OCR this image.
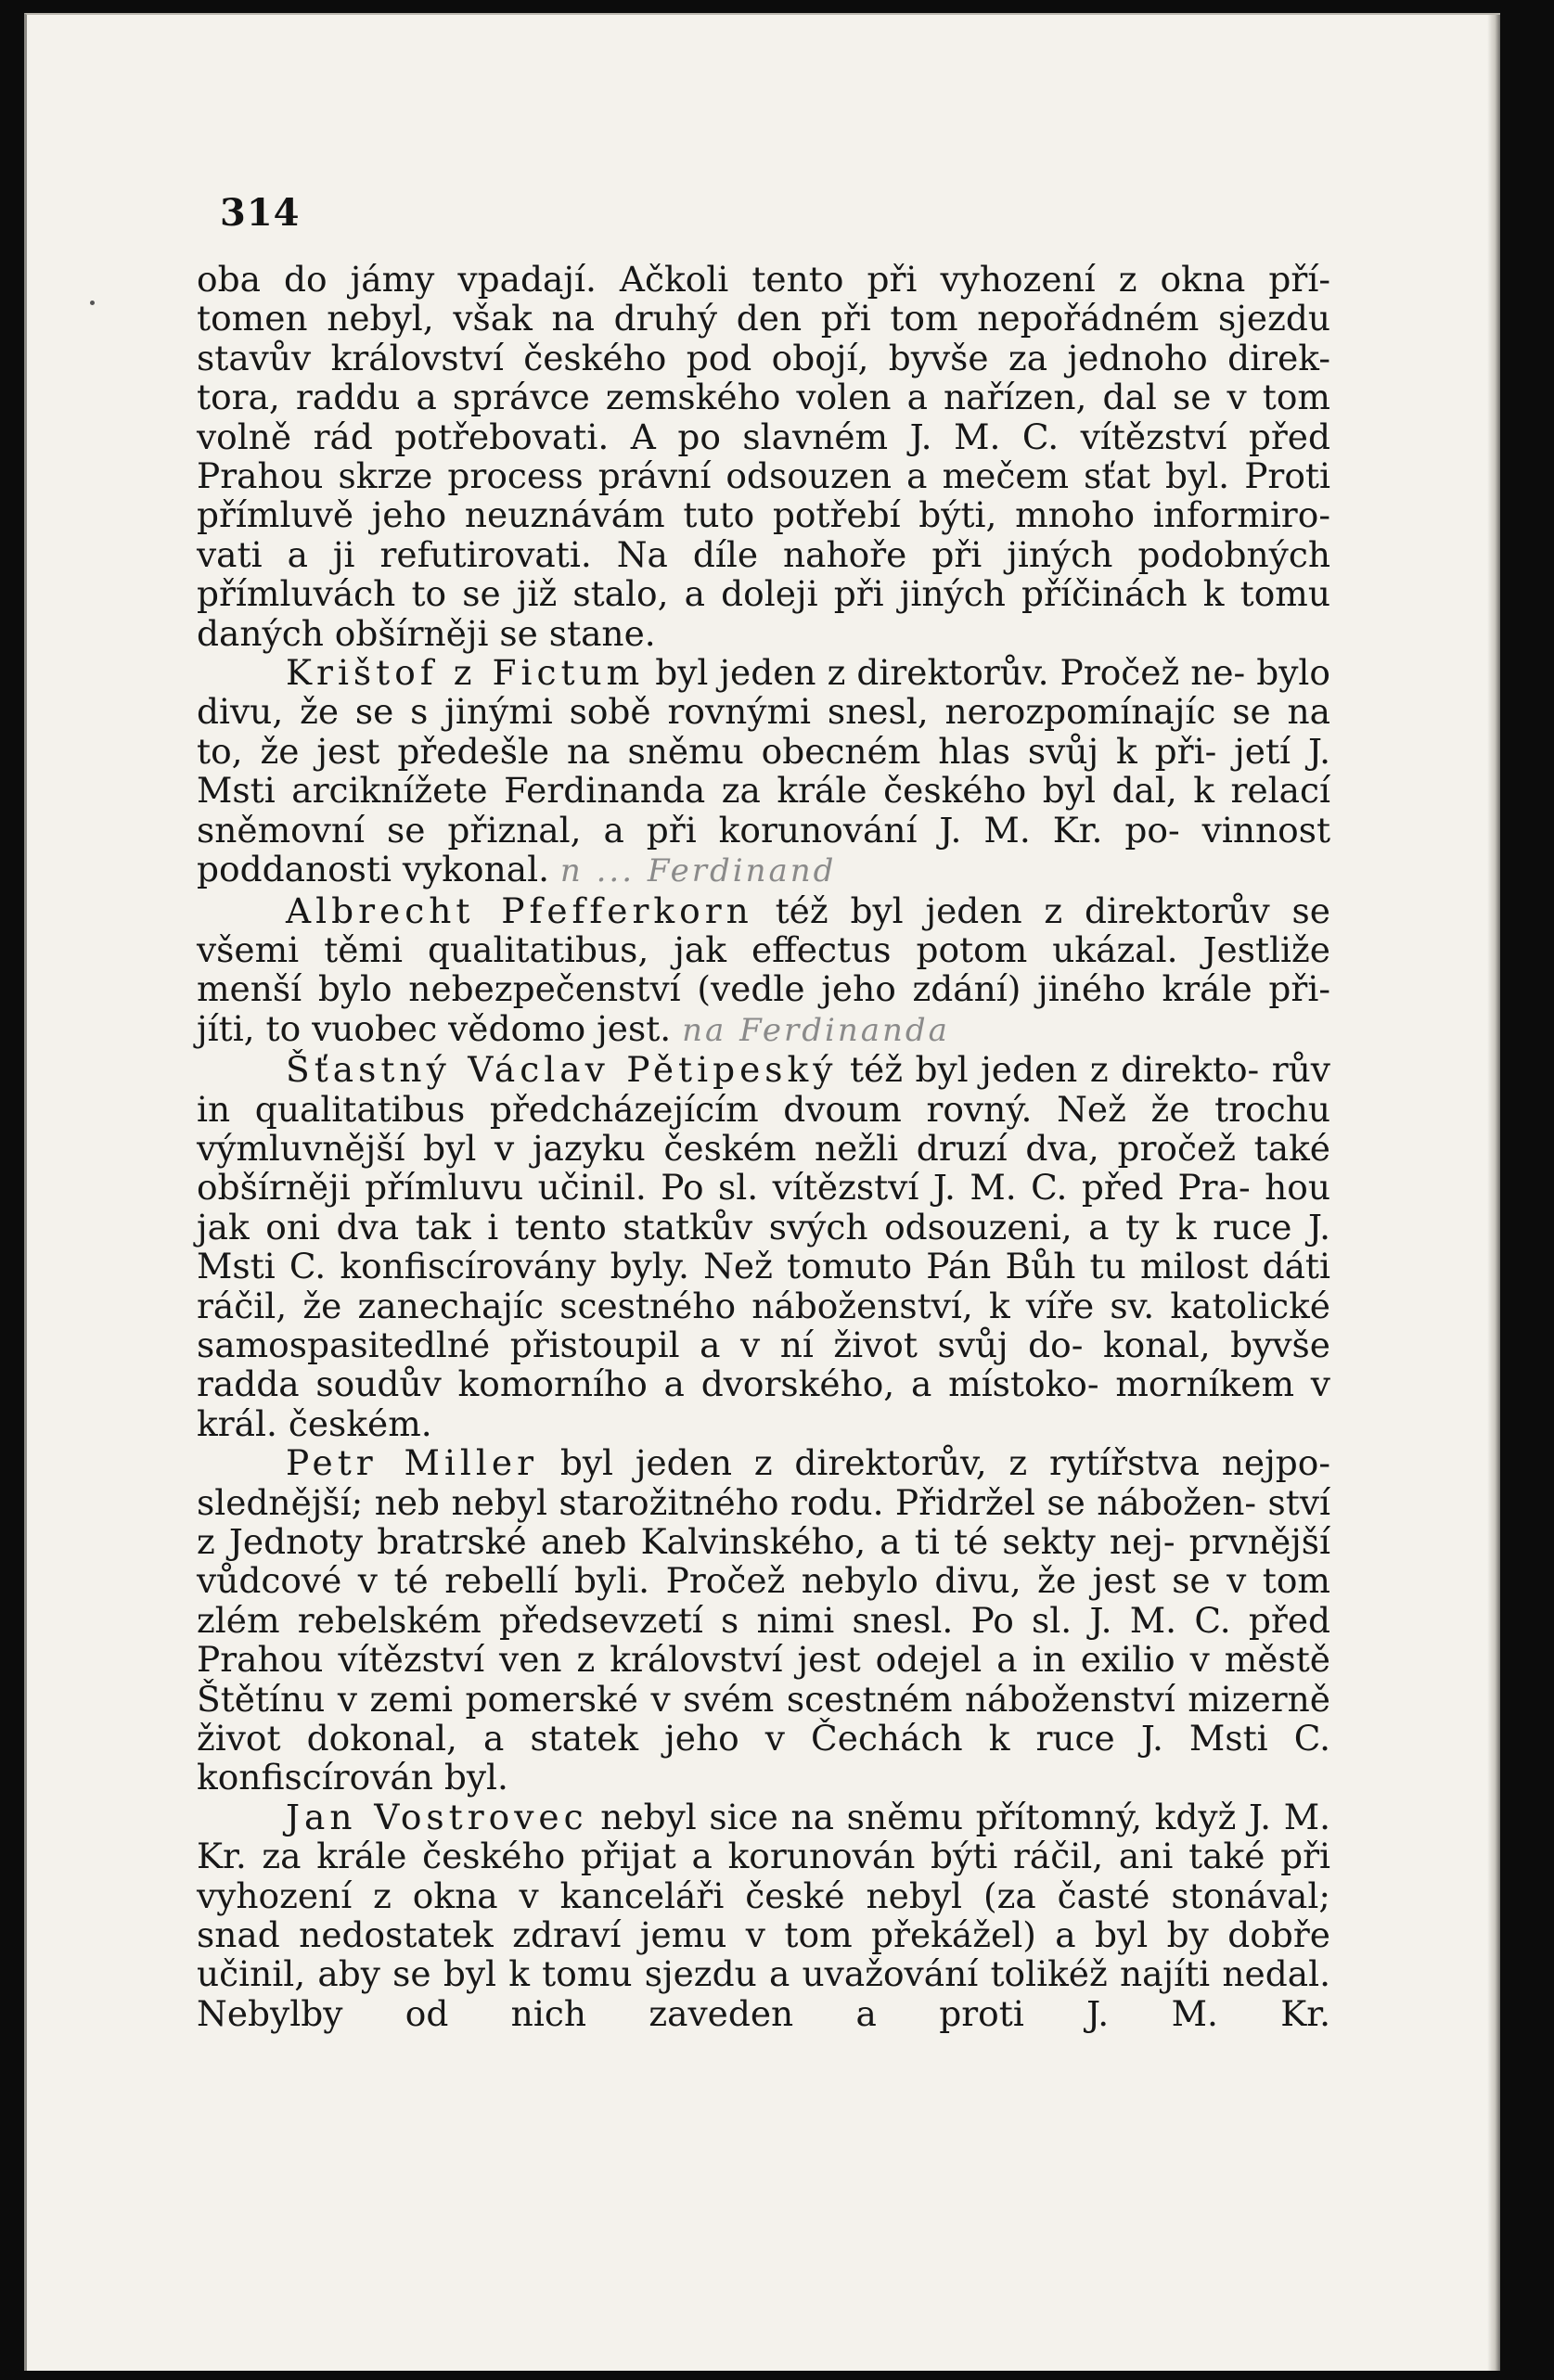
314

oba do jámy vpadají. Ačkoli tento při vyhození z okna pří- tomen nebyl, však na druhý den při tom nepořádném sjezdu stavův království českého pod obojí, byvše za jednoho direk- tora, raddu a správce zemského volen a nařízen, dal se v tom volně rád potřebovati. A po slavném J. M. C. vítězství před Prahou skrze process právní odsouzen a mečem sťat byl. Proti přímluvě jeho neuznávám tuto potřebí býti, mnoho informiro- vati a ji refutirovati. Na díle nahoře při jiných podobných přímluvách to se již stalo, a doleji při jiných příčinách k tomu daných obšírněji se stane.

Krištof z Fictum byl jeden z direktorův. Pročež ne- bylo divu, že se s jinými sobě rovnými snesl, nerozpomínajíc se na to, že jest předešle na sněmu obecném hlas svůj k při- jetí J. Msti arciknížete Ferdinanda za krále českého byl dal, k relací sněmovní se přiznal, a při korunování J. M. Kr. po- vinnost poddanosti vykonal. n ... Ferdinand

Albrecht Pfefferkorn též byl jeden z direktorův se všemi těmi qualitatibus, jak effectus potom ukázal. Jestliže menší bylo nebezpečenství (vedle jeho zdání) jiného krále při- jíti, to vuobec vědomo jest. na Ferdinanda

Šťastný Václav Pětipeský též byl jeden z direkto- rův in qualitatibus předcházejícím dvoum rovný. Než že trochu výmluvnější byl v jazyku českém nežli druzí dva, pročež také obšírněji přímluvu učinil. Po sl. vítězství J. M. C. před Pra- hou jak oni dva tak i tento statkův svých odsouzeni, a ty k ruce J. Msti C. konfiscírovány byly. Než tomuto Pán Bůh tu milost dáti ráčil, že zanechajíc scestného náboženství, k víře sv. katolické samospasitedlné přistoupil a v ní život svůj do- konal, byvše radda soudův komorního a dvorského, a místoko- morníkem v král. českém.

Petr Miller byl jeden z direktorův, z rytířstva nejpo- slednější; neb nebyl starožitného rodu. Přidržel se nábožen- ství z Jednoty bratrské aneb Kalvinského, a ti té sekty nej- prvnější vůdcové v té rebellí byli. Pročež nebylo divu, že jest se v tom zlém rebelském předsevzetí s nimi snesl. Po sl. J. M. C. před Prahou vítězství ven z království jest odejel a in exilio v městě Štětínu v zemi pomerské v svém scestném náboženství mizerně život dokonal, a statek jeho v Čechách k ruce J. Msti C. konfiscírován byl.

Jan Vostrovec nebyl sice na sněmu přítomný, když J. M. Kr. za krále českého přijat a korunován býti ráčil, ani také při vyhození z okna v kanceláři české nebyl (za časté stonával; snad nedostatek zdraví jemu v tom překážel) a byl by dobře učinil, aby se byl k tomu sjezdu a uvažování tolikéž najíti nedal. Nebylby od nich zaveden a proti J. M. Kr.
